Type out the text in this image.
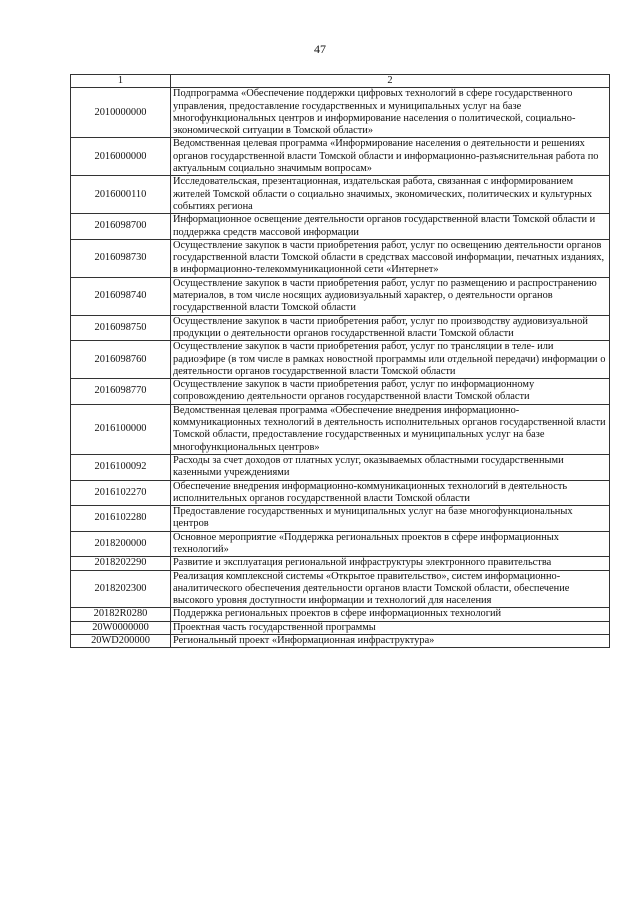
47
1	2
2010000000	Подпрограмма «Обеспечение поддержки цифровых технологий в сфере государственного управления, предоставление государственных и муниципальных услуг на базе многофункциональных центров и информирование населения о политической, социально-экономической ситуации в Томской области»
2016000000	Ведомственная целевая программа «Информирование населения о деятельности и решениях органов государственной власти Томской области и информационно-разъяснительная работа по актуальным социально значимым вопросам»
2016000110	Исследовательская, презентационная, издательская работа, связанная с информированием жителей Томской области о социально значимых, экономических, политических и культурных событиях региона
2016098700	Информационное освещение деятельности органов государственной власти Томской области и поддержка средств массовой информации
2016098730	Осуществление закупок в части приобретения работ, услуг по освещению деятельности органов государственной власти Томской области в средствах массовой информации, печатных изданиях, в информационно-телекоммуникационной сети «Интернет»
2016098740	Осуществление закупок в части приобретения работ, услуг по размещению и распространению материалов, в том числе носящих аудиовизуальный характер, о деятельности органов государственной власти Томской области
2016098750	Осуществление закупок в части приобретения работ, услуг по производству аудиовизуальной продукции о деятельности органов государственной власти Томской области
2016098760	Осуществление закупок в части приобретения работ, услуг по трансляции в теле- или радиоэфире (в том числе в рамках новостной программы или отдельной передачи) информации о деятельности органов государственной власти Томской области
2016098770	Осуществление закупок в части приобретения работ, услуг по информационному сопровождению деятельности органов государственной власти Томской области
2016100000	Ведомственная целевая программа «Обеспечение внедрения информационно-коммуникационных технологий в деятельность исполнительных органов государственной власти Томской области, предоставление государственных и муниципальных услуг на базе многофункциональных центров»
2016100092	Расходы за счет доходов от платных услуг, оказываемых областными государственными казенными учреждениями
2016102270	Обеспечение внедрения информационно-коммуникационных технологий в деятельность исполнительных органов государственной власти Томской области
2016102280	Предоставление государственных и муниципальных услуг на базе многофункциональных центров
2018200000	Основное мероприятие «Поддержка региональных проектов в сфере информационных технологий»
2018202290	Развитие и эксплуатация региональной инфраструктуры электронного правительства
2018202300	Реализация комплексной системы «Открытое правительство», систем информационно-аналитического обеспечения деятельности органов власти Томской области, обеспечение высокого уровня доступности информации и технологий для населения
20182R0280	Поддержка региональных проектов в сфере информационных технологий
20W0000000	Проектная часть государственной программы
20WD200000	Региональный проект «Информационная инфраструктура»
